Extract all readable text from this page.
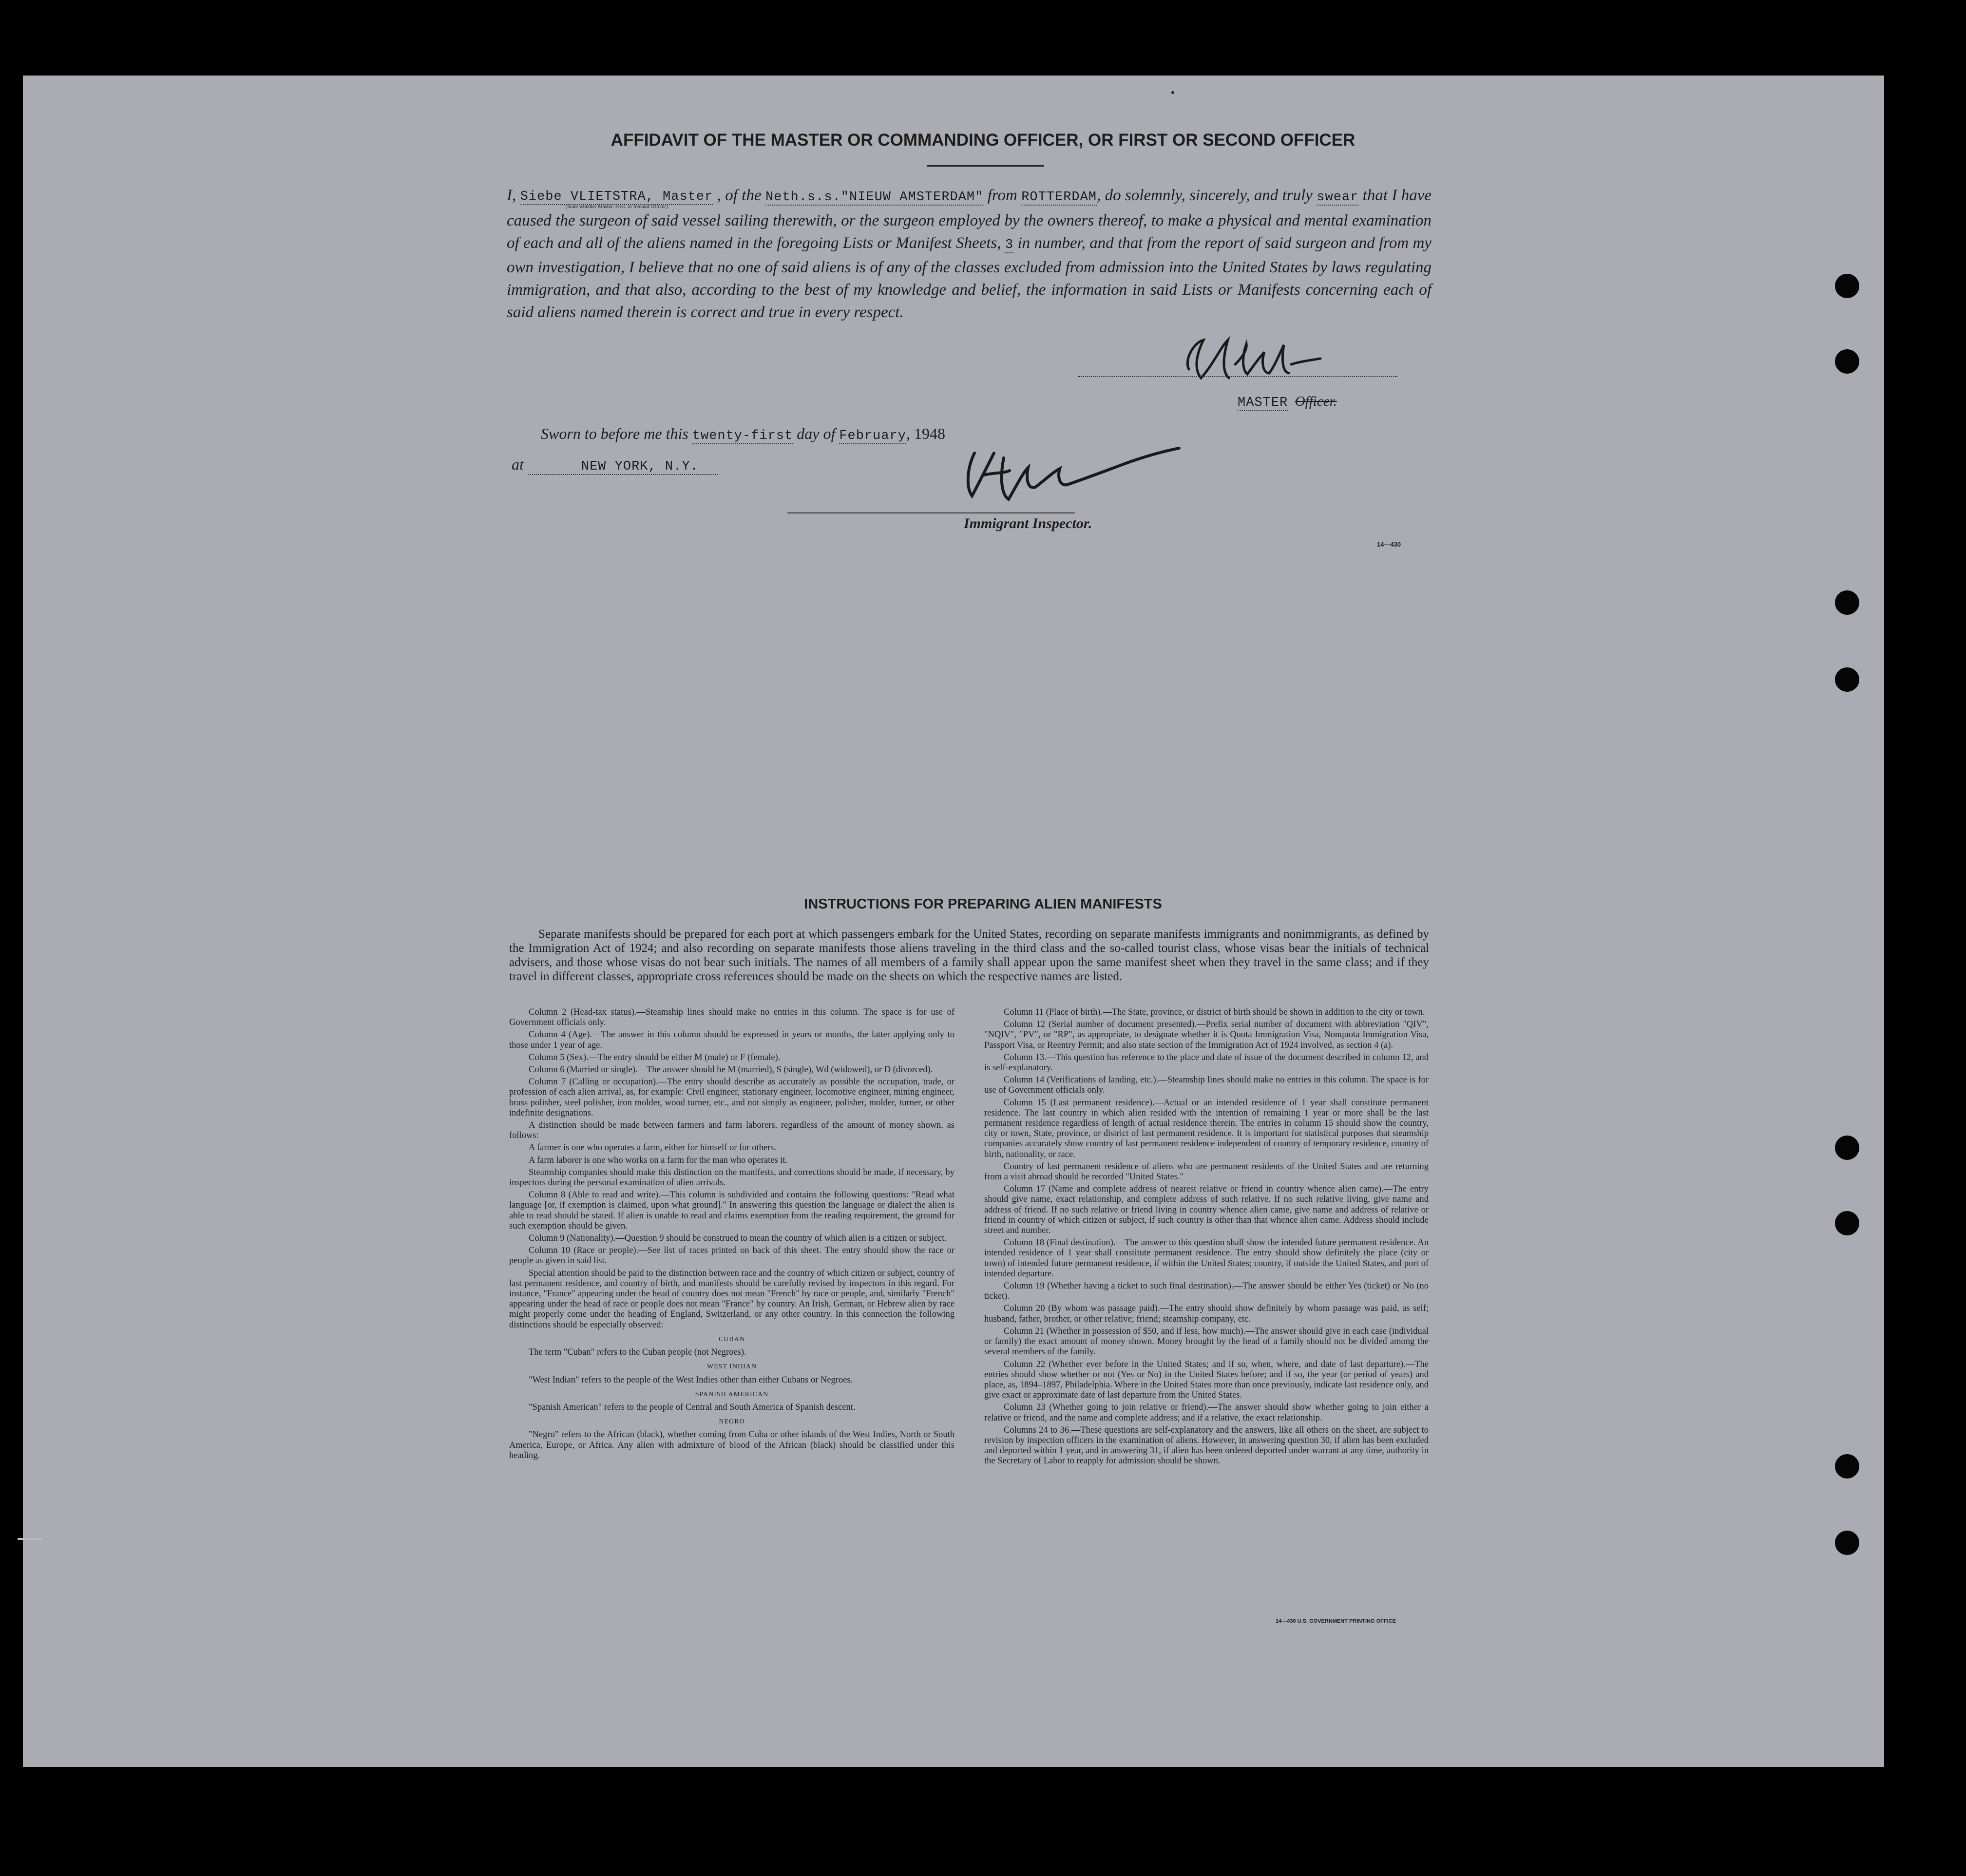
AFFIDAVIT OF THE MASTER OR COMMANDING OFFICER, OR FIRST OR SECOND OFFICER
I, Siebe VLIETSTRA, Master
(State whether Master, First, or Second Officer)
, of the Neth.s.s."NIEUW AMSTERDAM" from ROTTERDAM, do solemnly, sincerely, and truly swear that I have caused the surgeon of said vessel sailing therewith, or the surgeon employed by the owners thereof, to make a physical and mental examination of each and all of the aliens named in the foregoing Lists or Manifest Sheets, 3 in number, and that from the report of said surgeon and from my own investigation, I believe that no one of said aliens is of any of the classes excluded from admission into the United States by laws regulating immigration, and that also, according to the best of my knowledge and belief, the information in said Lists or Manifests concerning each of said aliens named therein is correct and true in every respect.
MASTER Officer.
Sworn to before me this twenty-first day of February, 1948
at	NEW YORK, N.Y.
Immigrant Inspector.
14—430
INSTRUCTIONS FOR PREPARING ALIEN MANIFESTS
Separate manifests should be prepared for each port at which passengers embark for the United States, recording on separate manifests immigrants and nonimmigrants, as defined by the Immigration Act of 1924; and also recording on separate manifests those aliens traveling in the third class and the so-called tourist class, whose visas bear the initials of technical advisers, and those whose visas do not bear such initials. The names of all members of a family shall appear upon the same manifest sheet when they travel in the same class; and if they travel in different classes, appropriate cross references should be made on the sheets on which the respective names are listed.

Column 2 (Head-tax status).—Steamship lines should make no entries in this column. The space is for use of Government officials only.

Column 4 (Age).—The answer in this column should be expressed in years or months, the latter applying only to those under 1 year of age.

Column 5 (Sex).—The entry should be either M (male) or F (female).

Column 6 (Married or single).—The answer should be M (married), S (single), Wd (widowed), or D (divorced).

Column 7 (Calling or occupation).—The entry should describe as accurately as possible the occupation, trade, or profession of each alien arrival, as, for example: Civil engineer, stationary engineer, locomotive engineer, mining engineer, brass polisher, steel polisher, iron molder, wood turner, etc., and not simply as engineer, polisher, molder, turner, or other indefinite designations.

A distinction should be made between farmers and farm laborers, regardless of the amount of money shown, as follows:

A farmer is one who operates a farm, either for himself or for others.

A farm laborer is one who works on a farm for the man who operates it.

Steamship companies should make this distinction on the manifests, and corrections should be made, if necessary, by inspectors during the personal examination of alien arrivals.

Column 8 (Able to read and write).—This column is subdivided and contains the following questions: "Read what language [or, if exemption is claimed, upon what ground]." In answering this question the language or dialect the alien is able to read should be stated. If alien is unable to read and claims exemption from the reading requirement, the ground for such exemption should be given.

Column 9 (Nationality).—Question 9 should be construed to mean the country of which alien is a citizen or subject.

Column 10 (Race or people).—See list of races printed on back of this sheet. The entry should show the race or people as given in said list.

Special attention should be paid to the distinction between race and the country of which citizen or subject, country of last permanent residence, and country of birth, and manifests should be carefully revised by inspectors in this regard. For instance, "France" appearing under the head of country does not mean "French" by race or people, and, similarly "French" appearing under the head of race or people does not mean "France" by country. An Irish, German, or Hebrew alien by race might properly come under the heading of England, Switzerland, or any other country. In this connection the following distinctions should be especially observed:

CUBAN

The term "Cuban" refers to the Cuban people (not Negroes).

WEST INDIAN

"West Indian" refers to the people of the West Indies other than either Cubans or Negroes.

SPANISH AMERICAN

"Spanish American" refers to the people of Central and South America of Spanish descent.

NEGRO

"Negro" refers to the African (black), whether coming from Cuba or other islands of the West Indies, North or South America, Europe, or Africa. Any alien with admixture of blood of the African (black) should be classified under this heading.

Column 11 (Place of birth).—The State, province, or district of birth should be shown in addition to the city or town.

Column 12 (Serial number of document presented).—Prefix serial number of document with abbreviation "QIV", "NQIV", "PV", or "RP", as appropriate, to designate whether it is Quota Immigration Visa, Nonquota Immigration Visa, Passport Visa, or Reentry Permit; and also state section of the Immigration Act of 1924 involved, as section 4 (a).

Column 13.—This question has reference to the place and date of issue of the document described in column 12, and is self-explanatory.

Column 14 (Verifications of landing, etc.).—Steamship lines should make no entries in this column. The space is for use of Government officials only.

Column 15 (Last permanent residence).—Actual or an intended residence of 1 year shall constitute permanent residence. The last country in which alien resided with the intention of remaining 1 year or more shall be the last permanent residence regardless of length of actual residence therein. The entries in column 15 should show the country, city or town, State, province, or district of last permanent residence. It is important for statistical purposes that steamship companies accurately show country of last permanent residence independent of country of temporary residence, country of birth, nationality, or race.

Country of last permanent residence of aliens who are permanent residents of the United States and are returning from a visit abroad should be recorded "United States."

Column 17 (Name and complete address of nearest relative or friend in country whence alien came).—The entry should give name, exact relationship, and complete address of such relative. If no such relative living, give name and address of friend. If no such relative or friend living in country whence alien came, give name and address of relative or friend in country of which citizen or subject, if such country is other than that whence alien came. Address should include street and number.

Column 18 (Final destination).—The answer to this question shall show the intended future permanent residence. An intended residence of 1 year shall constitute permanent residence. The entry should show definitely the place (city or town) of intended future permanent residence, if within the United States; country, if outside the United States, and port of intended departure.

Column 19 (Whether having a ticket to such final destination).—The answer should be either Yes (ticket) or No (no ticket).

Column 20 (By whom was passage paid).—The entry should show definitely by whom passage was paid, as self; husband, father, brother, or other relative; friend; steamship company, etc.

Column 21 (Whether in possession of $50, and if less, how much).—The answer should give in each case (individual or family) the exact amount of money shown. Money brought by the head of a family should not be divided among the several members of the family.

Column 22 (Whether ever before in the United States; and if so, when, where, and date of last departure).—The entries should show whether or not (Yes or No) in the United States before; and if so, the year (or period of years) and place, as, 1894–1897, Philadelphia. Where in the United States more than once previously, indicate last residence only, and give exact or approximate date of last departure from the United States.

Column 23 (Whether going to join relative or friend).—The answer should show whether going to join either a relative or friend, and the name and complete address; and if a relative, the exact relationship.

Columns 24 to 36.—These questions are self-explanatory and the answers, like all others on the sheet, are subject to revision by inspection officers in the examination of aliens. However, in answering question 30, if alien has been excluded and deported within 1 year, and in answering 31, if alien has been ordered deported under warrant at any time, authority in the Secretary of Labor to reapply for admission should be shown.

14—430 U.S. GOVERNMENT PRINTING OFFICE
